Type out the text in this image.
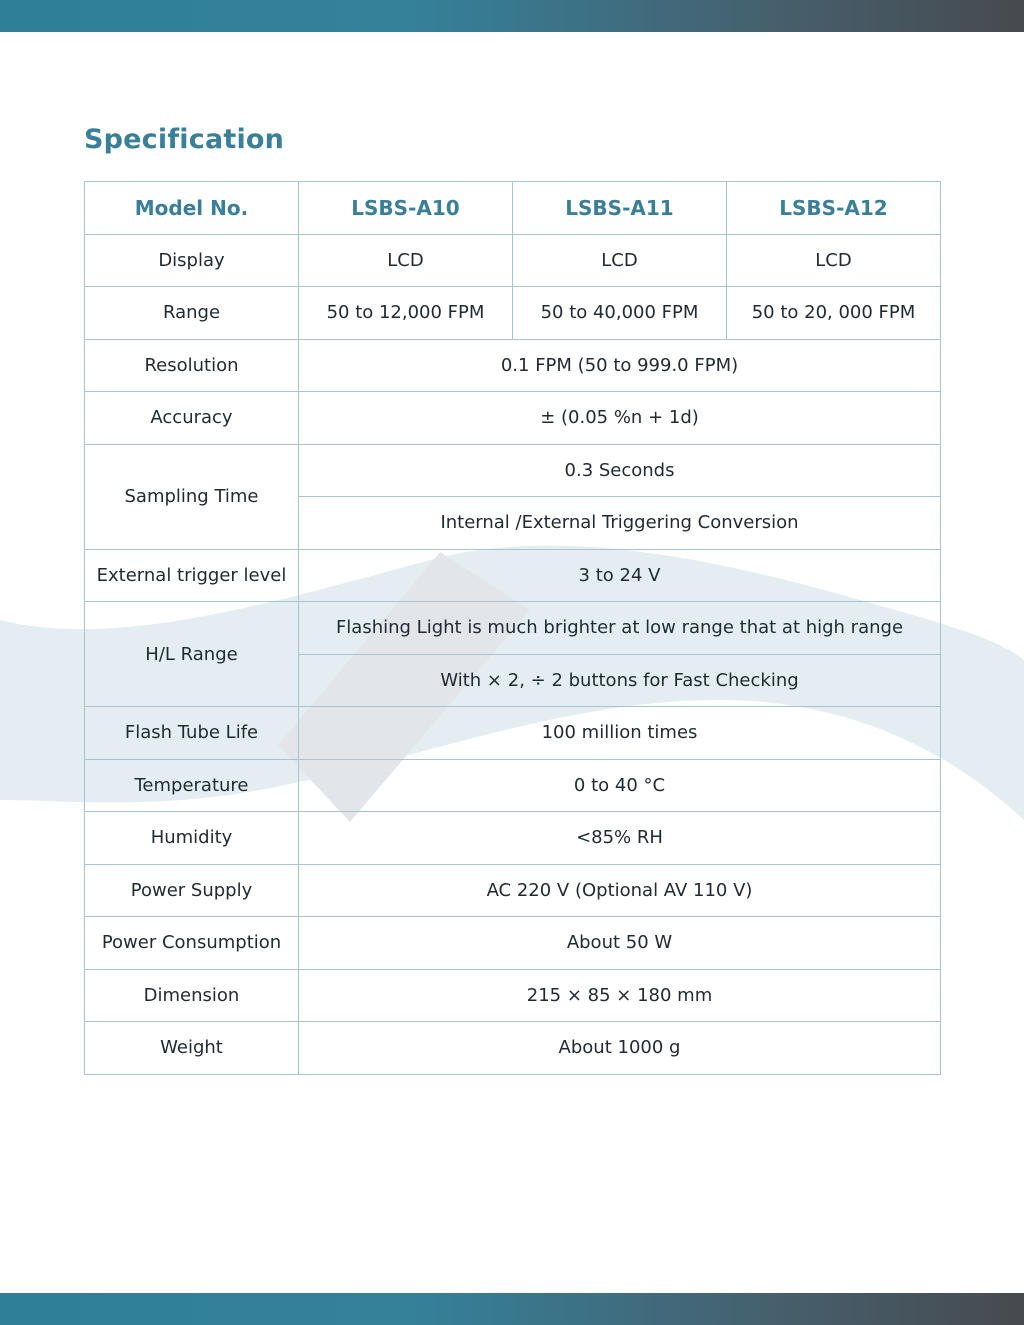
Specification
Model No.	LSBS-A10	LSBS-A11	LSBS-A12
Display	LCD	LCD	LCD
Range	50 to 12,000 FPM	50 to 40,000 FPM	50 to 20, 000 FPM
Resolution	0.1 FPM (50 to 999.0 FPM)		
Accuracy	± (0.05 %n + 1d)		
Sampling Time	0.3 Seconds		
	Internal /External Triggering Conversion		
External trigger level	3 to 24 V		
H/L Range	Flashing Light is much brighter at low range that at high range		
	With × 2, ÷ 2 buttons for Fast Checking		
Flash Tube Life	100 million times		
Temperature	0 to 40 °C		
Humidity	<85% RH		
Power Supply	AC 220 V (Optional AV 110 V)		
Power Consumption	About 50 W		
Dimension	215 × 85 × 180 mm		
Weight	About 1000 g		
